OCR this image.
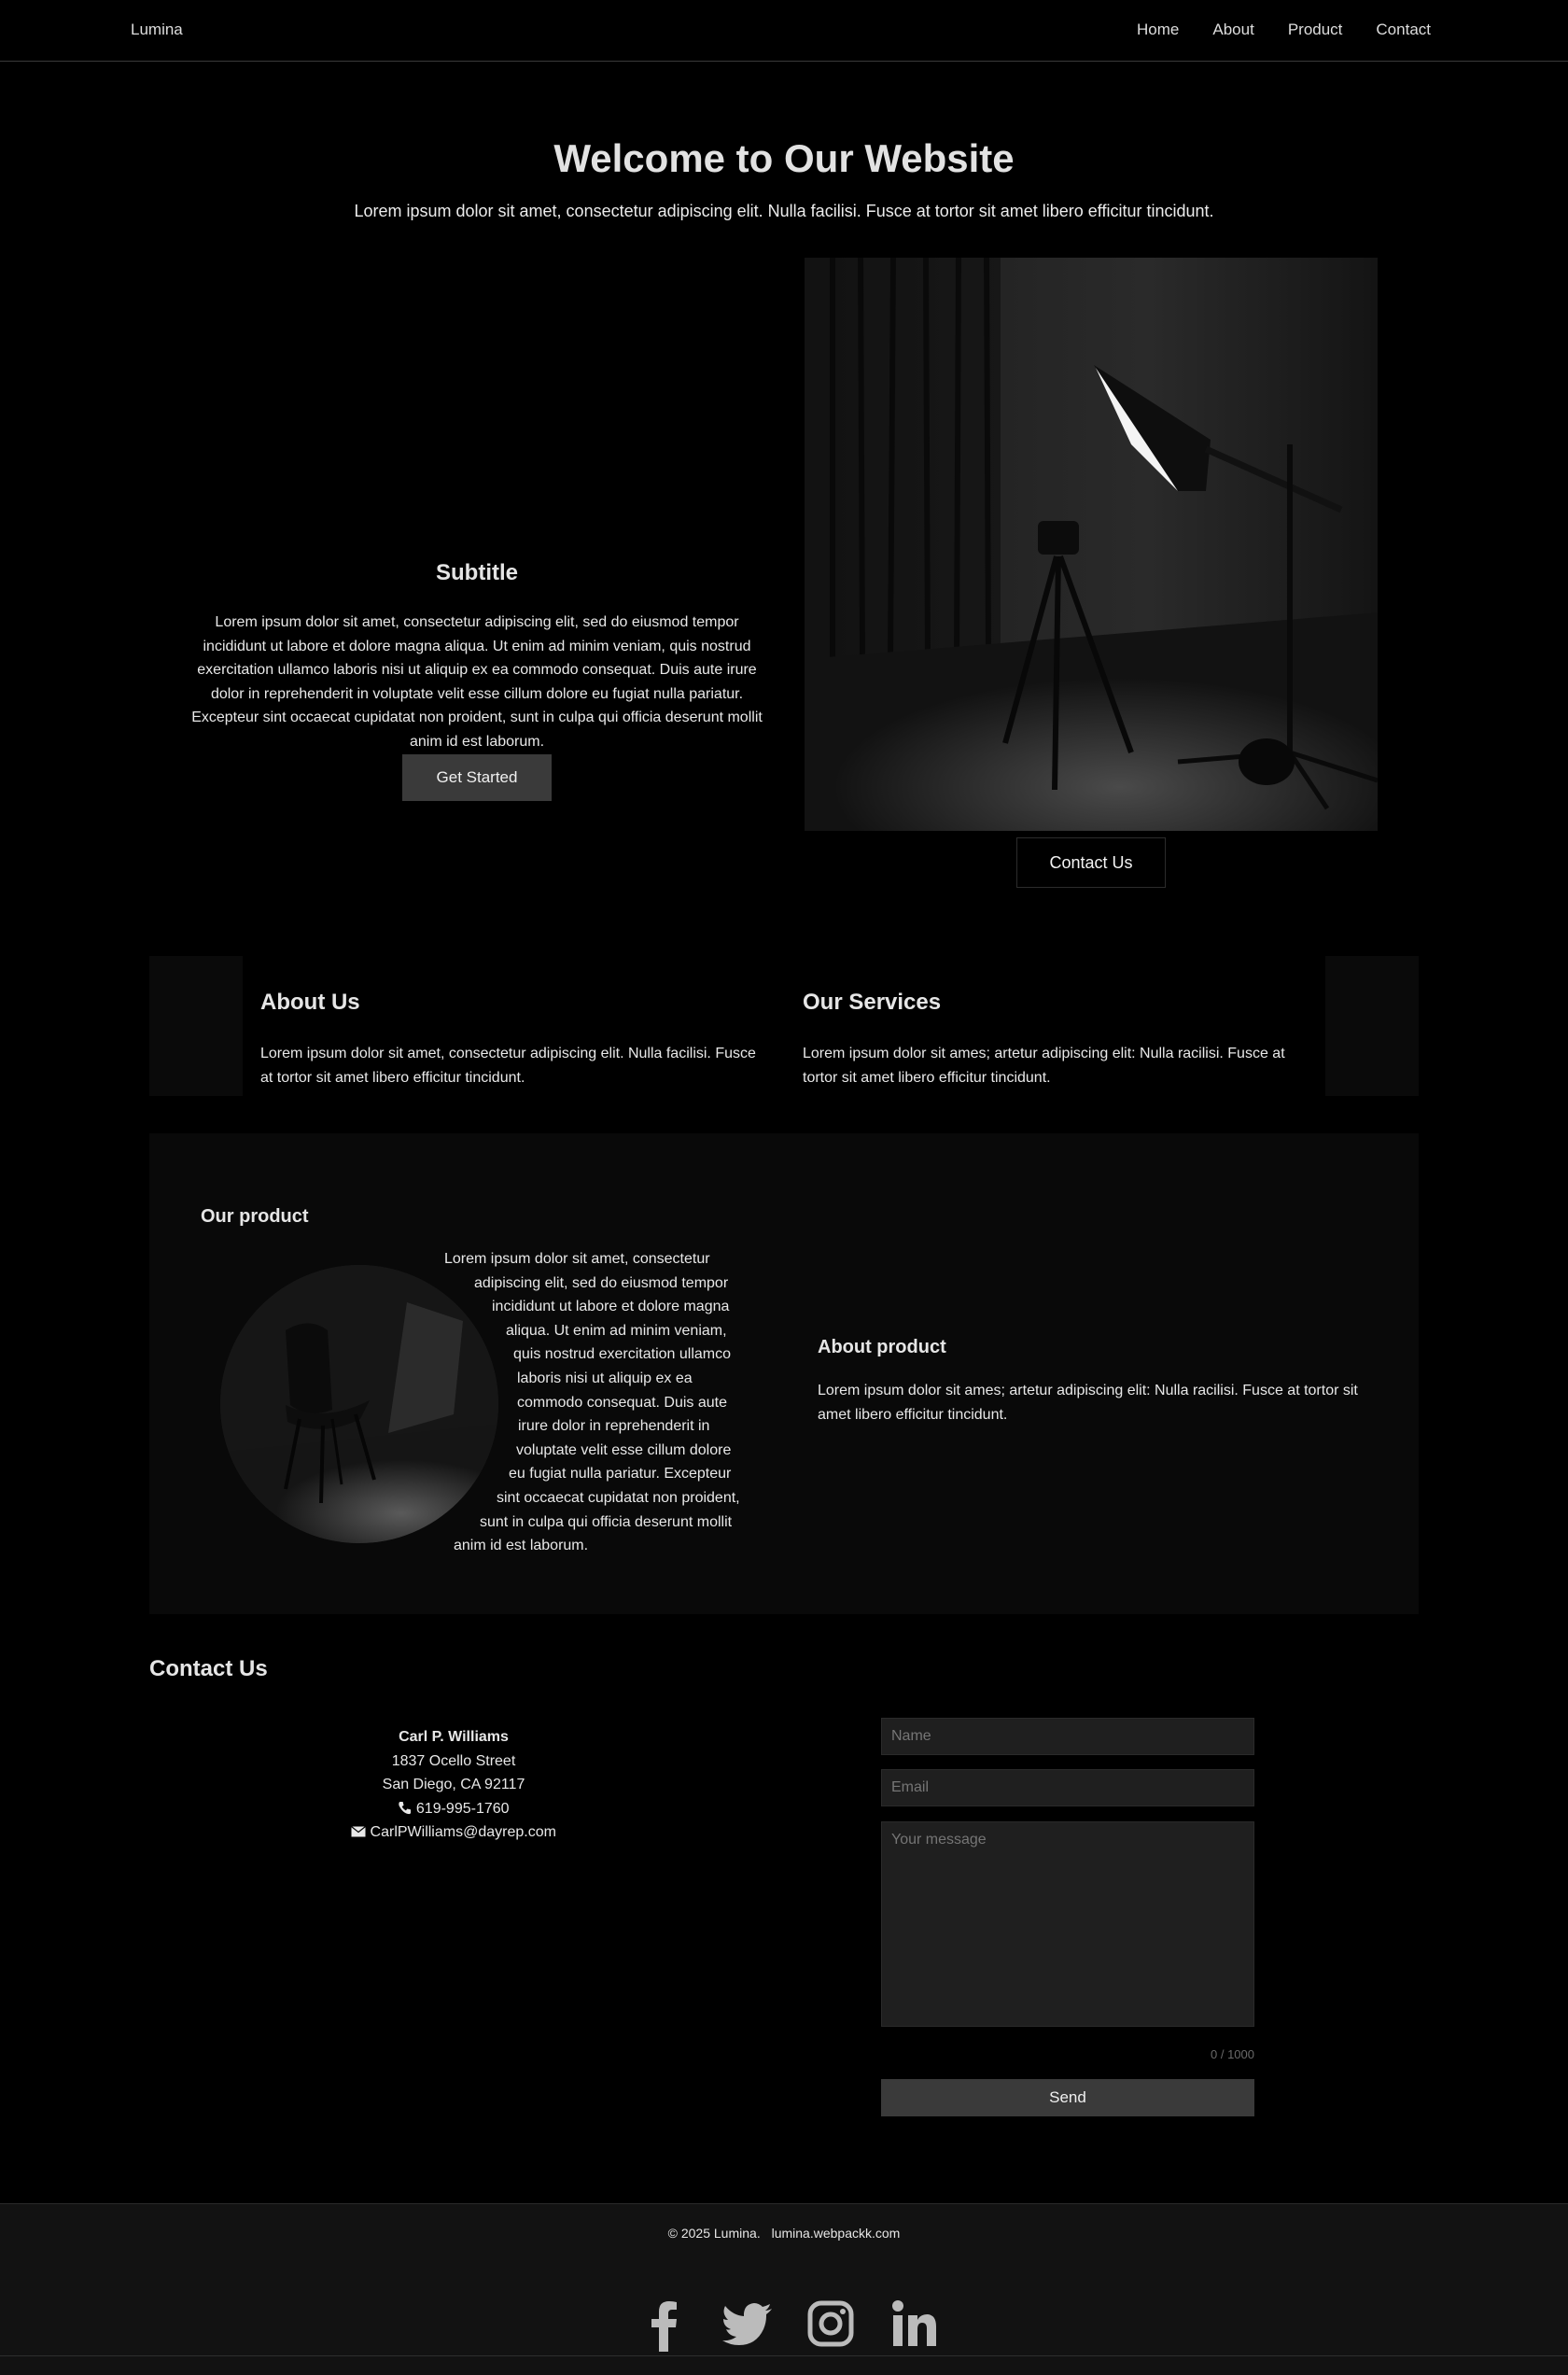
Lumina	Home About Product Contact
Welcome to Our Website

Lorem ipsum dolor sit amet, consectetur adipiscing elit. Nulla facilisi. Fusce at tortor sit amet libero efficitur tincidunt.

Subtitle

Lorem ipsum dolor sit amet, consectetur adipiscing elit, sed do eiusmod tempor incididunt ut labore et dolore magna aliqua. Ut enim ad minim veniam, quis nostrud exercitation ullamco laboris nisi ut aliquip ex ea commodo consequat. Duis aute irure dolor in reprehenderit in voluptate velit esse cillum dolore eu fugiat nulla pariatur. Excepteur sint occaecat cupidatat non proident, sunt in culpa qui officia deserunt mollit anim id est laborum.

Get Started
Contact Us
About Us

Lorem ipsum dolor sit amet, consectetur adipiscing elit. Nulla facilisi. Fusce at tortor sit amet libero efficitur tincidunt.

Our Services

Lorem ipsum dolor sit ames; artetur adipiscing elit: Nulla racilisi. Fusce at tortor sit amet libero efficitur tincidunt.

Our product
Lorem ipsum dolor sit amet, consectetur
adipiscing elit, sed do eiusmod tempor
incididunt ut labore et dolore magna
aliqua. Ut enim ad minim veniam,
quis nostrud exercitation ullamco
laboris nisi ut aliquip ex ea
commodo consequat. Duis aute
irure dolor in reprehenderit in
voluptate velit esse cillum dolore
eu fugiat nulla pariatur. Excepteur
sint occaecat cupidatat non proident,
sunt in culpa qui officia deserunt mollit
anim id est laborum.
About product

Lorem ipsum dolor sit ames; artetur adipiscing elit: Nulla racilisi. Fusce at tortor sit amet libero efficitur tincidunt.

Contact Us
Carl P. Williams
1837 Ocello Street
San Diego, CA 92117
619-995-1760
CarlPWilliams@dayrep.com
Name
Email
Your message
0 / 1000
Send
© 2025 Lumina. lumina.webpackk.com
